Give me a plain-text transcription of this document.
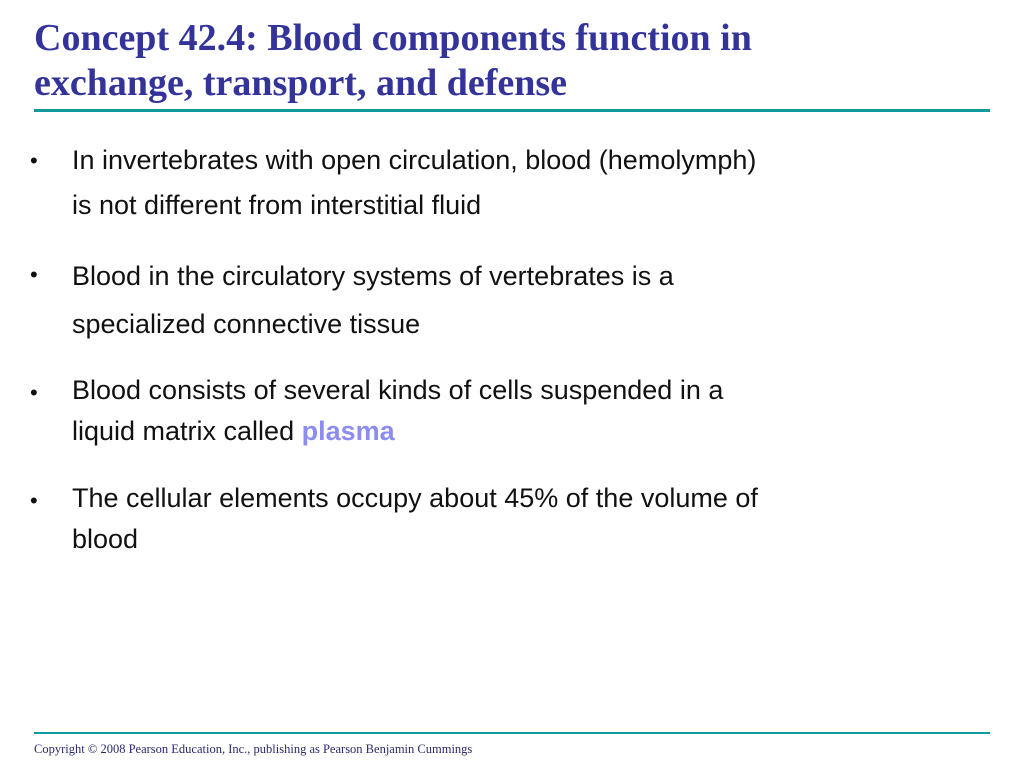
Concept 42.4: Blood components function in
exchange, transport, and defense
•	In invertebrates with open circulation, blood (hemolymph)
is not different from interstitial fluid
•	Blood in the circulatory systems of vertebrates is a
specialized connective tissue
•	Blood consists of several kinds of cells suspended in a
liquid matrix called plasma
•	The cellular elements occupy about 45% of the volume of
blood

Copyright © 2008 Pearson Education, Inc., publishing as Pearson Benjamin Cummings
